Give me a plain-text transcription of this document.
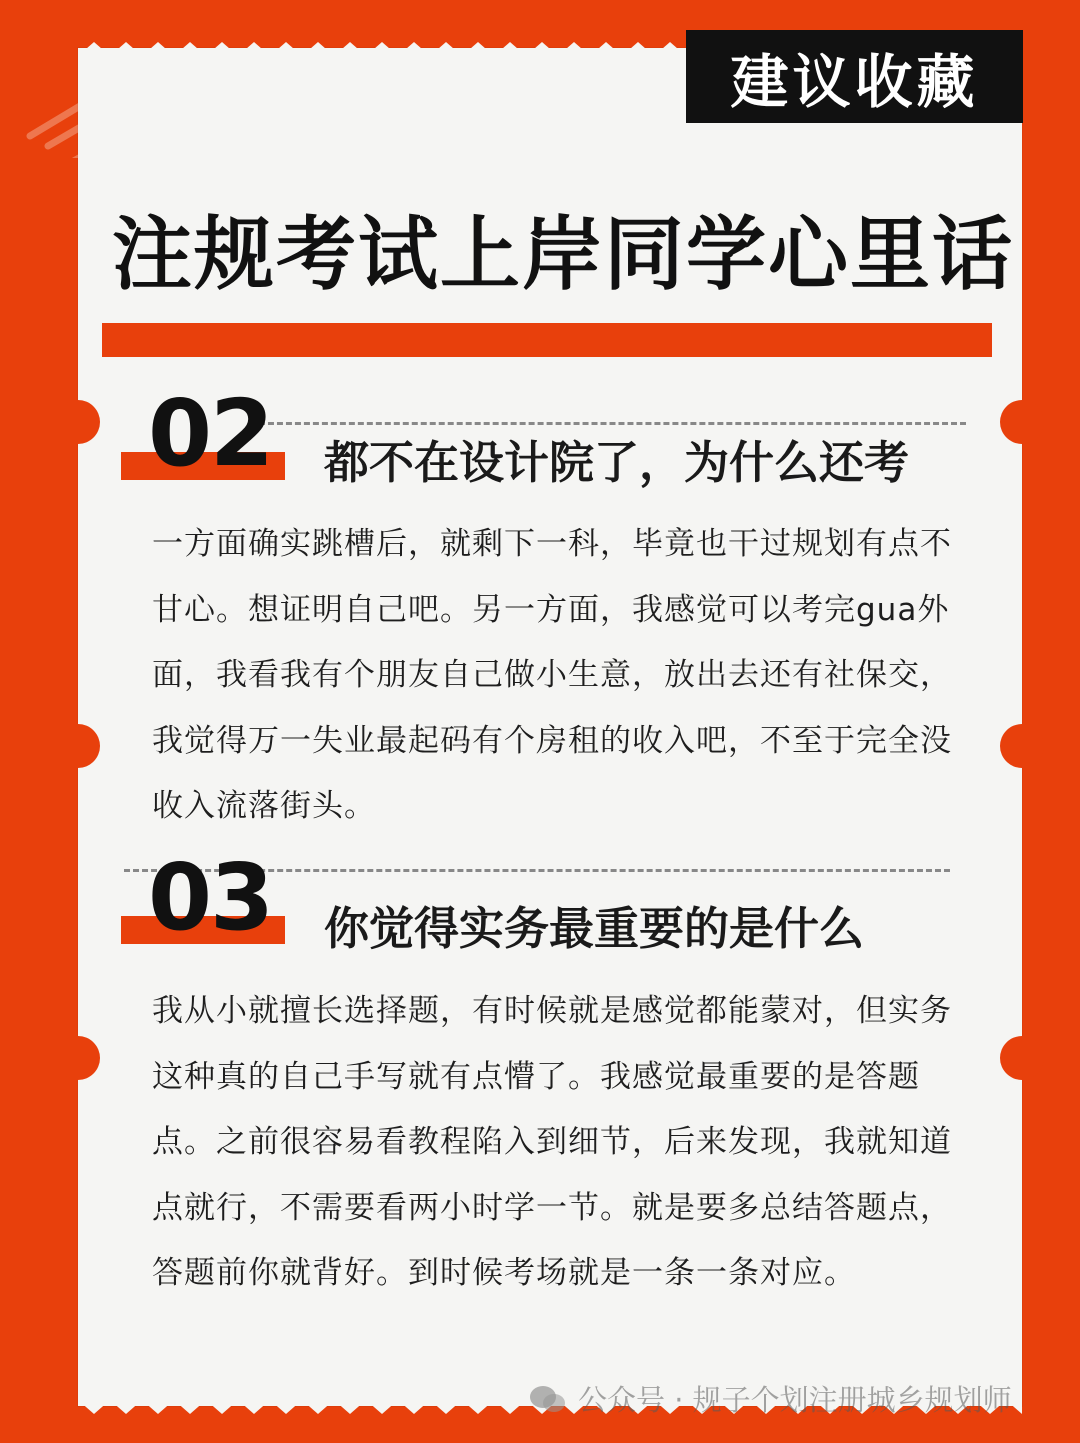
建议收藏
注规考试上岸同学心里话
02 都不在设计院了，为什么还考

一方面确实跳槽后，就剩下一科，毕竟也干过规划有点不甘心。想证明自己吧。另一方面，我感觉可以考完gua外面，我看我有个朋友自己做小生意，放出去还有社保交，我觉得万一失业最起码有个房租的收入吧，不至于完全没收入流落街头。

03 你觉得实务最重要的是什么

我从小就擅长选择题，有时候就是感觉都能蒙对，但实务这种真的自己手写就有点懵了。我感觉最重要的是答题点。之前很容易看教程陷入到细节，后来发现，我就知道点就行，不需要看两小时学一节。就是要多总结答题点，答题前你就背好。到时候考场就是一条一条对应。

公众号 · 规子个划注册城乡规划师
